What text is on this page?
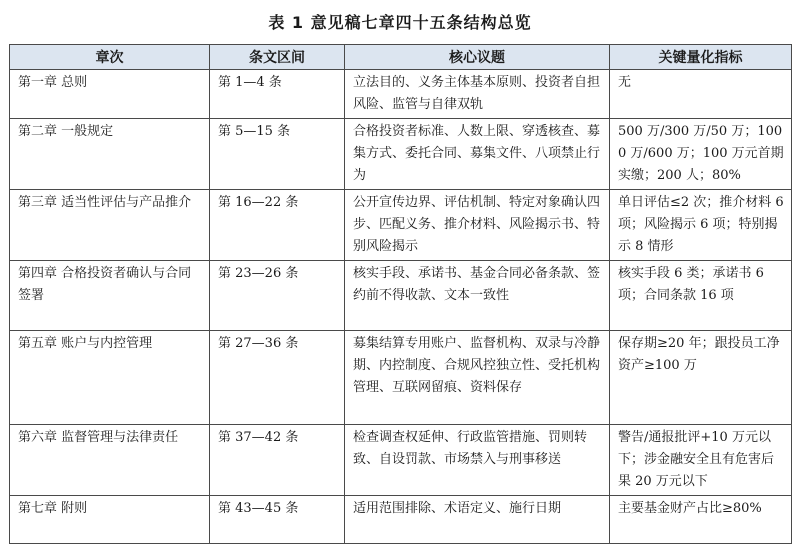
表 1 意见稿七章四十五条结构总览
章次	条文区间	核心议题	关键量化指标

第一章 总则	第 1—4 条	立法目的、义务主体基本原则、投资者自担风险、监管与自律双轨	无

第二章 一般规定	第 5—15 条	合格投资者标准、人数上限、穿透核查、募集方式、委托合同、募集文件、八项禁止行为	500 万/300 万/50 万；1000 万/600 万；100 万元首期实缴；200 人；80%

第三章 适当性评估与产品推介	第 16—22 条	公开宣传边界、评估机制、特定对象确认四步、匹配义务、推介材料、风险揭示书、特别风险揭示	单日评估≤2 次；推介材料 6 项；风险揭示 6 项；特别揭示 8 情形

第四章 合格投资者确认与合同签署	第 23—26 条	核实手段、承诺书、基金合同必备条款、签约前不得收款、文本一致性	核实手段 6 类；承诺书 6 项；合同条款 16 项

第五章 账户与内控管理	第 27—36 条	募集结算专用账户、监督机构、双录与冷静期、内控制度、合规风控独立性、受托机构管理、互联网留痕、资料保存	保存期≥20 年；跟投员工净资产≥100 万

第六章 监督管理与法律责任	第 37—42 条	检查调查权延伸、行政监管措施、罚则转致、自设罚款、市场禁入与刑事移送	警告/通报批评+10 万元以下；涉金融安全且有危害后果 20 万元以下

第七章 附则	第 43—45 条	适用范围排除、术语定义、施行日期	主要基金财产占比≥80%
